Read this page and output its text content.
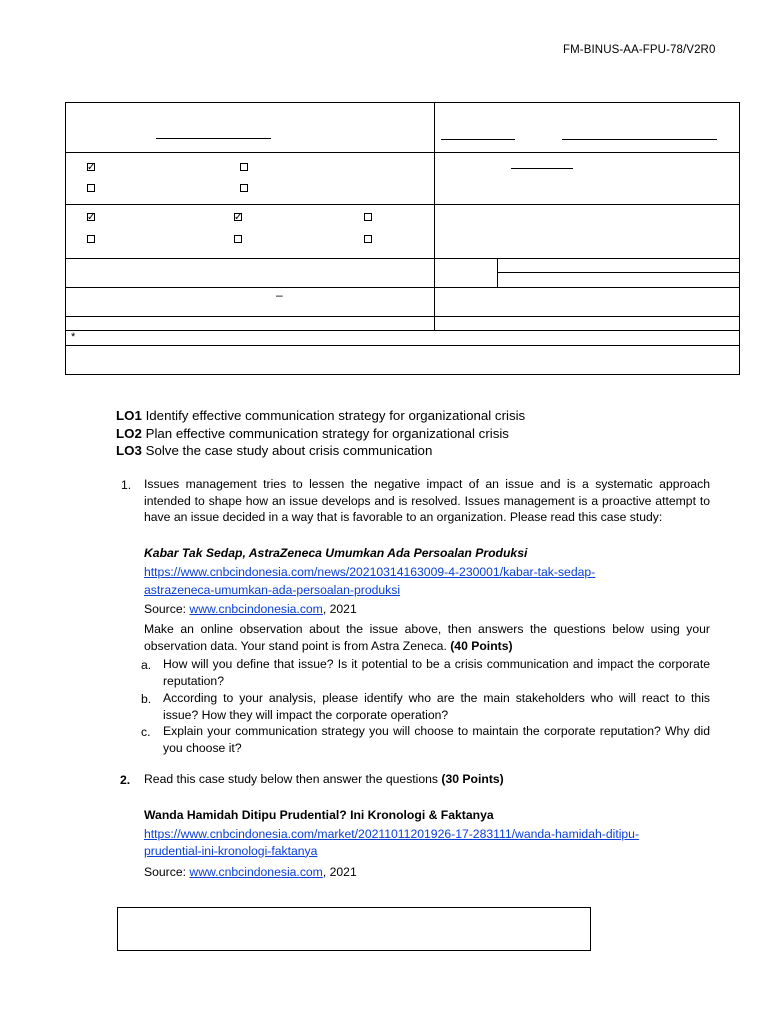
FM-BINUS-AA-FPU-78/V2R0
✓
✓
✓
–
*
LO1 Identify effective communication strategy for organizational crisis
LO2 Plan effective communication strategy for organizational crisis
LO3 Solve the case study about crisis communication
1. Issues management tries to lessen the negative impact of an issue and is a systematic approach intended to shape how an issue develops and is resolved. Issues management is a proactive attempt to have an issue decided in a way that is favorable to an organization. Please read this case study:
Kabar Tak Sedap, AstraZeneca Umumkan Ada Persoalan Produksi
https://www.cnbcindonesia.com/news/20210314163009-4-230001/kabar-tak-sedap-
astrazeneca-umumkan-ada-persoalan-produksi
Source: www.cnbcindonesia.com, 2021
Make an online observation about the issue above, then answers the questions below using your observation data. Your stand point is from Astra Zeneca. (40 Points)
a. How will you define that issue? Is it potential to be a crisis communication and impact the corporate reputation?
b. According to your analysis, please identify who are the main stakeholders who will react to this issue? How they will impact the corporate operation?
c. Explain your communication strategy you will choose to maintain the corporate reputation? Why did you choose it?
2. Read this case study below then answer the questions (30 Points)
Wanda Hamidah Ditipu Prudential? Ini Kronologi & Faktanya
https://www.cnbcindonesia.com/market/20211011201926-17-283111/wanda-hamidah-ditipu-
prudential-ini-kronologi-faktanya
Source: www.cnbcindonesia.com, 2021
